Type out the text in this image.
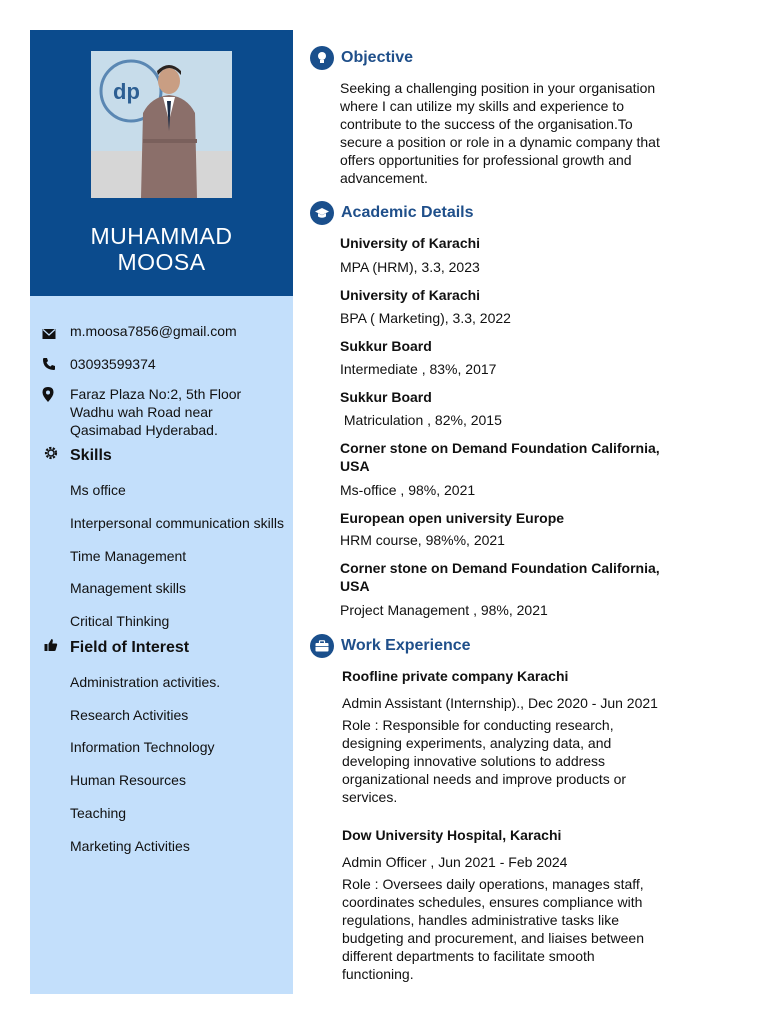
dp
MUHAMMAD
MOOSA
m.moosa7856@gmail.com
03093599374
Faraz Plaza No:2, 5th Floor
Wadhu wah Road near
Qasimabad Hyderabad.
Skills
Ms office
Interpersonal communication skills
Time Management
Management skills
Critical Thinking
Field of Interest
Administration activities.
Research Activities
Information Technology
Human Resources
Teaching
Marketing Activities
Objective
Seeking a challenging position in your organisation
where I can utilize my skills and experience to
contribute to the success of the organisation.To
secure a position or role in a dynamic company that
offers opportunities for professional growth and
advancement.
Academic Details
University of Karachi
MPA (HRM), 3.3, 2023
University of Karachi
BPA ( Marketing), 3.3, 2022
Sukkur Board
Intermediate , 83%, 2017
Sukkur Board
Matriculation , 82%, 2015
Corner stone on Demand Foundation California,
USA
Ms-office , 98%, 2021
European open university Europe
HRM course, 98%%, 2021
Corner stone on Demand Foundation California,
USA
Project Management , 98%, 2021
Work Experience
Roofline private company Karachi
Admin Assistant (Internship)., Dec 2020 - Jun 2021
Role : Responsible for conducting research,
designing experiments, analyzing data, and
developing innovative solutions to address
organizational needs and improve products or
services.
Dow University Hospital, Karachi
Admin Officer , Jun 2021 - Feb 2024
Role : Oversees daily operations, manages staff,
coordinates schedules, ensures compliance with
regulations, handles administrative tasks like
budgeting and procurement, and liaises between
different departments to facilitate smooth
functioning.
